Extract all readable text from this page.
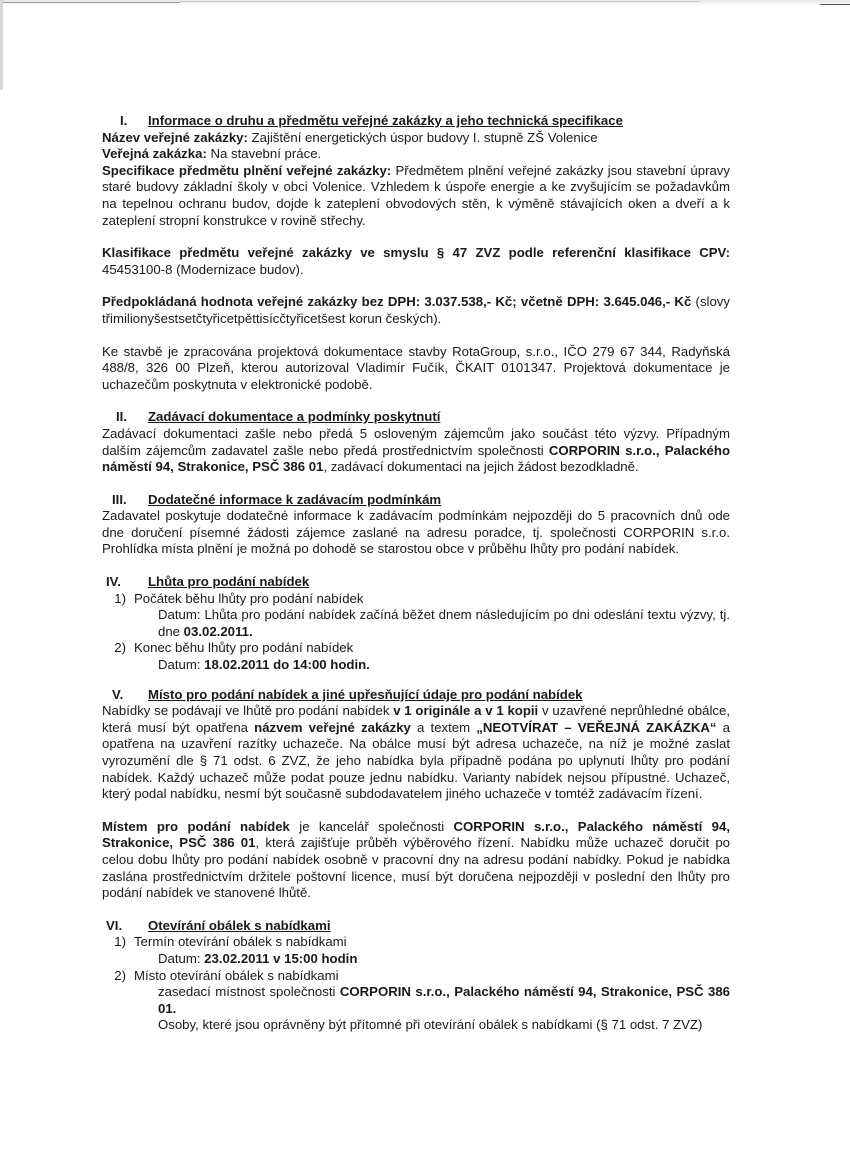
I.	Informace o druhu a předmětu veřejné zakázky a jeho technická specifikace

Název veřejné zakázky: Zajištění energetických úspor budovy I. stupně ZŠ Volenice

Veřejná zakázka: Na stavební práce.

Specifikace předmětu plnění veřejné zakázky: Předmětem plnění veřejné zakázky jsou stavební úpravy staré budovy základní školy v obci Volenice. Vzhledem k úspoře energie a ke zvyšujícím se požadavkům na tepelnou ochranu budov, dojde k zateplení obvodových stěn, k výměně stávajících oken a dveří a k zateplení stropní konstrukce v rovině střechy.

Klasifikace předmětu veřejné zakázky ve smyslu § 47 ZVZ podle referenční klasifikace CPV: 45453100-8 (Modernizace budov).

Předpokládaná hodnota veřejné zakázky bez DPH: 3.037.538,- Kč; včetně DPH: 3.645.046,- Kč (slovy třimilionyšestsetčtyřicetpěttisícčtyřicetšest korun českých).

Ke stavbě je zpracována projektová dokumentace stavby RotaGroup, s.r.o., IČO 279 67 344, Radyňská 488/8, 326 00 Plzeň, kterou autorizoval Vladimír Fučík, ČKAIT 0101347. Projektová dokumentace je uchazečům poskytnuta v elektronické podobě.

II.	Zadávací dokumentace a podmínky poskytnutí

Zadávací dokumentaci zašle nebo předá 5 osloveným zájemcům jako součást této výzvy. Případným dalším zájemcům zadavatel zašle nebo předá prostřednictvím společnosti CORPORIN s.r.o., Palackého náměstí 94, Strakonice, PSČ 386 01, zadávací dokumentaci na jejich žádost bezodkladně.

III.	Dodatečné informace k zadávacím podmínkám

Zadavatel poskytuje dodatečné informace k zadávacím podmínkám nejpozději do 5 pracovních dnů ode dne doručení písemné žádosti zájemce zaslané na adresu poradce, tj. společnosti CORPORIN s.r.o. Prohlídka místa plnění je možná po dohodě se starostou obce v průběhu lhůty pro podání nabídek.

IV.	Lhůta pro podání nabídek
1) Počátek běhu lhůty pro podání nabídek

Datum: Lhůta pro podání nabídek začíná běžet dnem následujícím po dni odeslání textu výzvy, tj. dne 03.02.2011.

2) Konec běhu lhůty pro podání nabídek

Datum: 18.02.2011 do 14:00 hodin.

V.	Místo pro podání nabídek a jiné upřesňující údaje pro podání nabídek

Nabídky se podávají ve lhůtě pro podání nabídek v 1 originále a v 1 kopii v uzavřené neprůhledné obálce, která musí být opatřena názvem veřejné zakázky a textem „NEOTVÍRAT – VEŘEJNÁ ZAKÁZKA“ a opatřena na uzavření razítky uchazeče. Na obálce musí být adresa uchazeče, na níž je možné zaslat vyrozumění dle § 71 odst. 6 ZVZ, že jeho nabídka byla případně podána po uplynutí lhůty pro podání nabídek. Každý uchazeč může podat pouze jednu nabídku. Varianty nabídek nejsou přípustné. Uchazeč, který podal nabídku, nesmí být současně subdodavatelem jiného uchazeče v tomtéž zadávacím řízení.

Místem pro podání nabídek je kancelář společnosti CORPORIN s.r.o., Palackého náměstí 94, Strakonice, PSČ 386 01, která zajišťuje průběh výběrového řízení. Nabídku může uchazeč doručit po celou dobu lhůty pro podání nabídek osobně v pracovní dny na adresu podání nabídky. Pokud je nabídka zaslána prostřednictvím držitele poštovní licence, musí být doručena nejpozději v poslední den lhůty pro podání nabídek ve stanovené lhůtě.

VI.	Otevírání obálek s nabídkami
1) Termín otevírání obálek s nabídkami

Datum: 23.02.2011 v 15:00 hodin

2) Místo otevírání obálek s nabídkami

zasedací místnost společnosti CORPORIN s.r.o., Palackého náměstí 94, Strakonice, PSČ 386 01.

Osoby, které jsou oprávněny být přítomné při otevírání obálek s nabídkami (§ 71 odst. 7 ZVZ)
